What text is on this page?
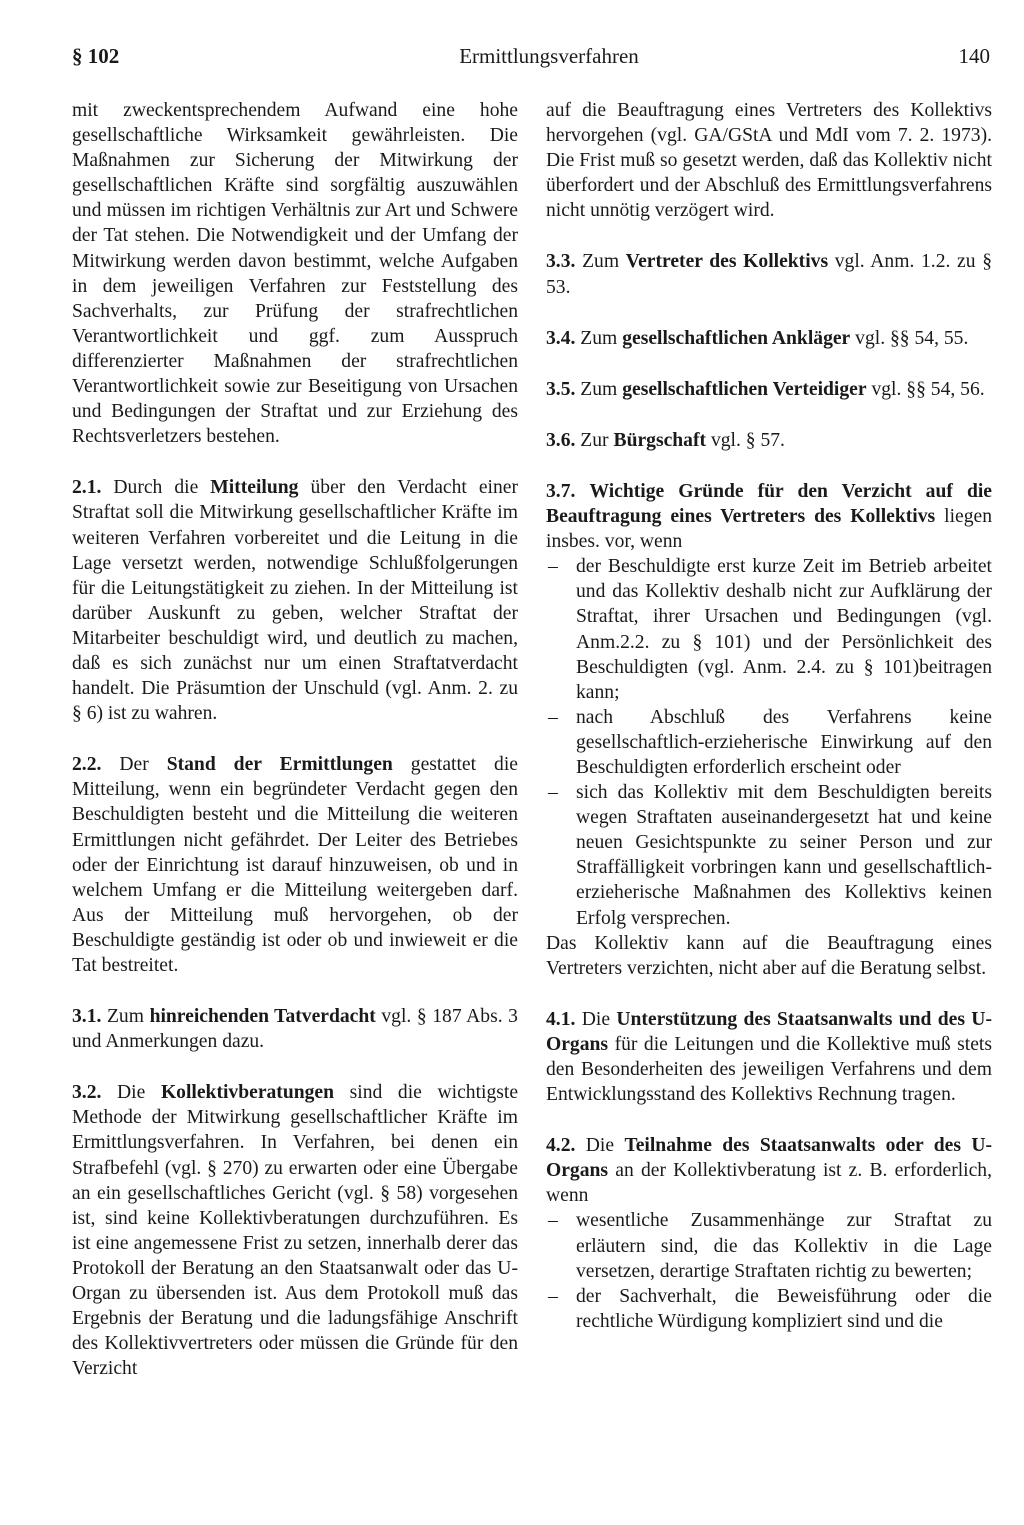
§ 102	Ermittlungsverfahren	140

mit zweckentsprechendem Aufwand eine hohe gesellschaftliche Wirksamkeit gewährleisten. Die Maßnahmen zur Sicherung der Mitwirkung der gesellschaftlichen Kräfte sind sorgfältig auszuwählen und müssen im richtigen Verhältnis zur Art und Schwere der Tat stehen. Die Notwendigkeit und der Umfang der Mitwirkung werden davon bestimmt, welche Aufgaben in dem jeweiligen Verfahren zur Feststellung des Sachverhalts, zur Prüfung der strafrechtlichen Verantwortlichkeit und ggf. zum Ausspruch differenzierter Maßnahmen der strafrechtlichen Verantwortlichkeit sowie zur Beseitigung von Ursachen und Bedingungen der Straftat und zur Erziehung des Rechtsverletzers bestehen.

2.1. Durch die Mitteilung über den Verdacht einer Straftat soll die Mitwirkung gesellschaftlicher Kräfte im weiteren Verfahren vorbereitet und die Leitung in die Lage versetzt werden, notwendige Schlußfolgerungen für die Leitungstätigkeit zu ziehen. In der Mitteilung ist darüber Auskunft zu geben, welcher Straftat der Mitarbeiter beschuldigt wird, und deutlich zu machen, daß es sich zunächst nur um einen Straftatverdacht handelt. Die Präsumtion der Unschuld (vgl. Anm. 2. zu § 6) ist zu wahren.

2.2. Der Stand der Ermittlungen gestattet die Mitteilung, wenn ein begründeter Verdacht gegen den Beschuldigten besteht und die Mitteilung die weiteren Ermittlungen nicht gefährdet. Der Leiter des Betriebes oder der Einrichtung ist darauf hinzuweisen, ob und in welchem Umfang er die Mitteilung weitergeben darf. Aus der Mitteilung muß hervorgehen, ob der Beschuldigte geständig ist oder ob und inwieweit er die Tat bestreitet.

3.1. Zum hinreichenden Tatverdacht vgl. § 187 Abs. 3 und Anmerkungen dazu.

3.2. Die Kollektivberatungen sind die wichtigste Methode der Mitwirkung gesellschaftlicher Kräfte im Ermittlungsverfahren. In Verfahren, bei denen ein Strafbefehl (vgl. § 270) zu erwarten oder eine Übergabe an ein gesellschaftliches Gericht (vgl. § 58) vorgesehen ist, sind keine Kollektivberatungen durchzuführen. Es ist eine angemessene Frist zu setzen, innerhalb derer das Protokoll der Beratung an den Staatsanwalt oder das U-Organ zu übersenden ist. Aus dem Protokoll muß das Ergebnis der Beratung und die ladungsfähige Anschrift des Kollektivvertreters oder müssen die Gründe für den Verzicht

auf die Beauftragung eines Vertreters des Kollektivs hervorgehen (vgl. GA/GStA und MdI vom 7. 2. 1973). Die Frist muß so gesetzt werden, daß das Kollektiv nicht überfordert und der Abschluß des Ermittlungsverfahrens nicht unnötig verzögert wird.

3.3. Zum Vertreter des Kollektivs vgl. Anm. 1.2. zu § 53.

3.4. Zum gesellschaftlichen Ankläger vgl. §§ 54, 55.

3.5. Zum gesellschaftlichen Verteidiger vgl. §§ 54, 56.

3.6. Zur Bürgschaft vgl. § 57.

3.7. Wichtige Gründe für den Verzicht auf die Beauftragung eines Vertreters des Kollektivs liegen insbes. vor, wenn

– der Beschuldigte erst kurze Zeit im Betrieb arbeitet und das Kollektiv deshalb nicht zur Aufklärung der Straftat, ihrer Ursachen und Bedingungen (vgl. Anm.2.2. zu § 101) und der Persönlichkeit des Beschuldigten (vgl. Anm. 2.4. zu § 101)beitragen kann;
– nach Abschluß des Verfahrens keine gesellschaftlich-erzieherische Einwirkung auf den Beschuldigten erforderlich erscheint oder
– sich das Kollektiv mit dem Beschuldigten bereits wegen Straftaten auseinandergesetzt hat und keine neuen Gesichtspunkte zu seiner Person und zur Straffälligkeit vorbringen kann und gesellschaftlich-erzieherische Maßnahmen des Kollektivs keinen Erfolg versprechen.

Das Kollektiv kann auf die Beauftragung eines Vertreters verzichten, nicht aber auf die Beratung selbst.

4.1. Die Unterstützung des Staatsanwalts und des U-Organs für die Leitungen und die Kollektive muß stets den Besonderheiten des jeweiligen Verfahrens und dem Entwicklungsstand des Kollektivs Rechnung tragen.

4.2. Die Teilnahme des Staatsanwalts oder des U-Organs an der Kollektivberatung ist z. B. erforderlich, wenn

– wesentliche Zusammenhänge zur Straftat zu erläutern sind, die das Kollektiv in die Lage versetzen, derartige Straftaten richtig zu bewerten;
– der Sachverhalt, die Beweisführung oder die rechtliche Würdigung kompliziert sind und die
